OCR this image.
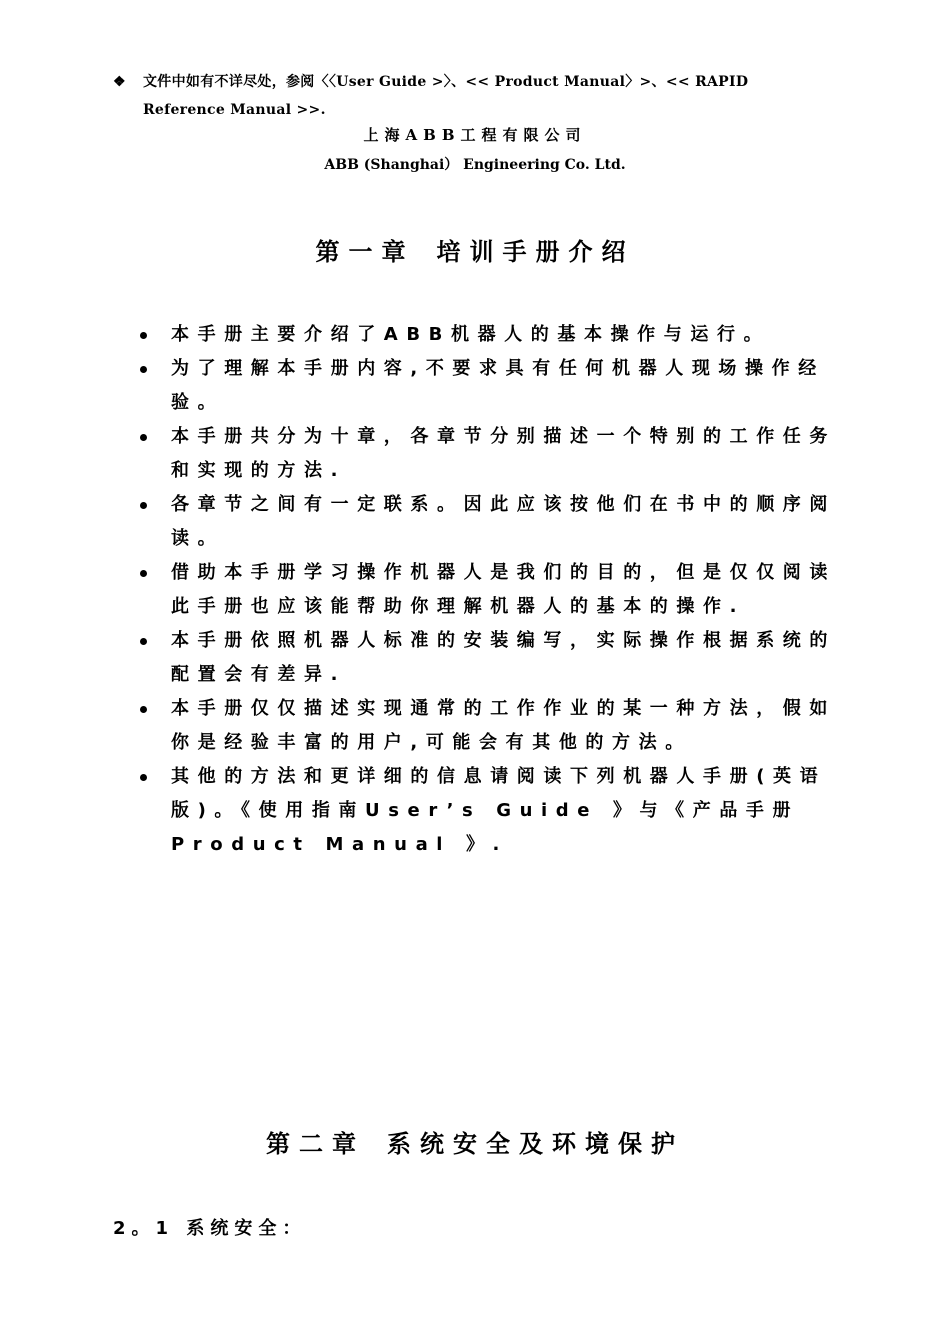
❖	文件中如有不详尽处，参阅〈〈User Guide >〉、<< Product Manual〉>、<< RAPID Reference Manual >>.
上海ABB工程有限公司
ABB (Shanghai） Engineering Co. Ltd.
第一章 培训手册介绍
本手册主要介绍了ABB机器人的基本操作与运行。
为了理解本手册内容,不要求具有任何机器人现场操作经验。
本手册共分为十章，各章节分别描述一个特别的工作任务和实现的方法.
各章节之间有一定联系。因此应该按他们在书中的顺序阅读。
借助本手册学习操作机器人是我们的目的，但是仅仅阅读此手册也应该能帮助你理解机器人的基本的操作.
本手册依照机器人标准的安装编写，实际操作根据系统的配置会有差异.
本手册仅仅描述实现通常的工作作业的某一种方法，假如你是经验丰富的用户,可能会有其他的方法。
其他的方法和更详细的信息请阅读下列机器人手册(英语版)。《使用指南User’s Guide 》与《产品手册Product Manual 》.
第二章 系统安全及环境保护
2。1 系统安全：
